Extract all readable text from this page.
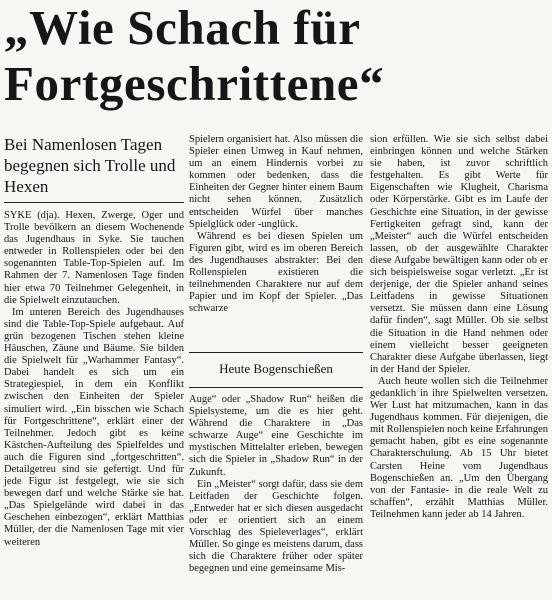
„Wie Schach für
Fortgeschrittene“
Bei Namenlosen Tagen begegnen sich Trolle und Hexen

SYKE (dja). Hexen, Zwerge, Oger und Trolle bevölkern an diesem Wochenende das Jugendhaus in Syke. Sie tauchen entweder in Rollenspielen oder bei den sogenannten Table-Top-Spielen auf. Im Rahmen der 7. Namenlosen Tage finden hier etwa 70 Teilnehmer Gelegenheit, in die Spielwelt einzutauchen.

Im unteren Bereich des Jugendhauses sind die Table-Top-Spiele aufgebaut. Auf grün bezogenen Tischen stehen kleine Häuschen, Zäune und Bäume. Sie bilden die Spielwelt für „Warhammer Fantasy“. Dabei handelt es sich um ein Strategiespiel, in dem ein Konflikt zwischen den Einheiten der Spieler simuliert wird. „Ein bisschen wie Schach für Fortgeschrittene“, erklärt einer der Teilnehmer. Jedoch gibt es keine Kästchen-Aufteilung des Spielfeldes und auch die Figuren sind „fortgeschritten“. Detailgetreu sind sie gefertigt. Und für jede Figur ist festgelegt, wie sie sich bewegen darf und welche Stärke sie hat. „Das Spielgelände wird dabei in das Geschehen einbezogen“, erklärt Matthias Müller, der die Namenlosen Tage mit vier weiteren

Spielern organisiert hat. Also müssen die Spieler einen Umweg in Kauf nehmen, um an einem Hindernis vorbei zu kommen oder bedenken, dass die Einheiten der Gegner hinter einem Baum nicht sehen können. Zusätzlich entscheiden Würfel über manches Spielglück oder -unglück.

Während es bei diesen Spielen um Figuren gibt, wird es im oberen Bereich des Jugendhauses abstrakter: Bei den Rollenspielen existieren die teilnehmenden Charaktere nur auf dem Papier und im Kopf der Spieler. „Das schwarze

Heute Bogenschießen

Auge“ oder „Shadow Run“ heißen die Spielsysteme, um die es hier geht. Während die Charaktere in „Das schwarze Auge“ eine Geschichte im mystischen Mittelalter erleben, bewegen sich die Spieler in „Shadow Run“ in der Zukunft.

Ein „Meister“ sorgt dafür, dass sie dem Leitfaden der Geschichte folgen. „Entweder hat er sich diesen ausgedacht oder er orientiert sich an einem Vorschlag des Spieleverlages“, erklärt Müller. So ginge es meistens darum, dass sich die Charaktere früher oder später begegnen und eine gemeinsame Mis-

sion erfüllen. Wie sie sich selbst dabei einbringen können und welche Stärken sie haben, ist zuvor schriftlich festgehalten. Es gibt Werte für Eigenschaften wie Klugheit, Charisma oder Körperstärke. Gibt es im Laufe der Geschichte eine Situation, in der gewisse Fertigkeiten gefragt sind, kann der „Meister“ auch die Würfel entscheiden lassen, ob der ausgewählte Charakter diese Aufgabe bewältigen kann oder ob er sich beispielsweise sogar verletzt. „Er ist derjenige, der die Spieler anhand seines Leitfadens in gewisse Situationen versetzt. Sie müssen dann eine Lösung dafür finden“, sagt Müller. Ob sie selbst die Situation in die Hand nehmen oder einem vielleicht besser geeigneten Charakter diese Aufgabe überlassen, liegt in der Hand der Spieler.

Auch heute wollen sich die Teilnehmer gedanklich in ihre Spielwelten versetzen. Wer Lust hat mitzumachen, kann in das Jugendhaus kommen. Für diejenigen, die mit Rollenspielen noch keine Erfahrungen gemacht haben, gibt es eine sogenannte Charakterschulung. Ab 15 Uhr bietet Carsten Heine vom Jugendhaus Bogenschießen an. „Um den Übergang von der Fantasie- in die reale Welt zu schaffen“, erzählt Matthias Müller. Teilnehmen kann jeder ab 14 Jahren.
